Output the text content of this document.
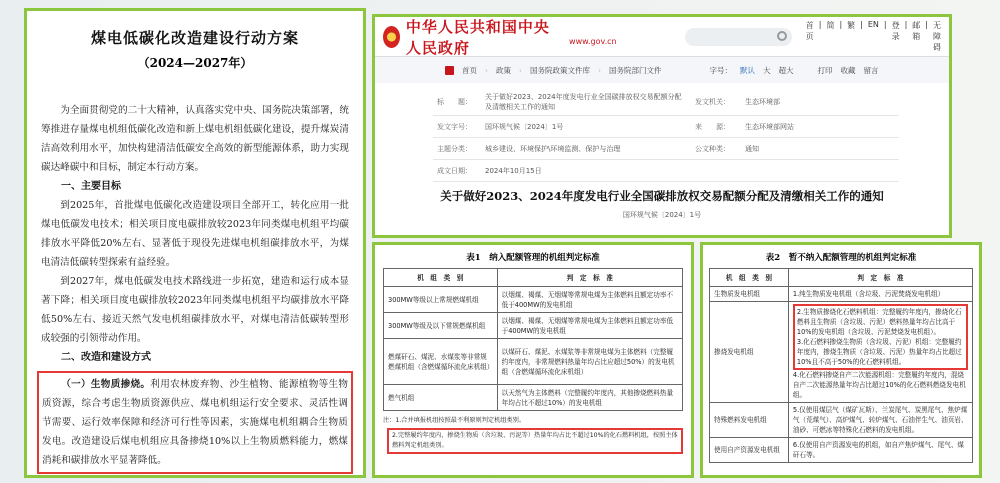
煤电低碳化改造建设行动方案
（2024—2027年）

为全面贯彻党的二十大精神，认真落实党中央、国务院决策部署，统筹推进存量煤电机组低碳化改造和新上煤电机组低碳化建设，提升煤炭清洁高效利用水平，加快构建清洁低碳安全高效的新型能源体系，助力实现碳达峰碳中和目标，制定本行动方案。

一、主要目标

到2025年，首批煤电低碳化改造建设项目全部开工，转化应用一批煤电低碳发电技术；相关项目度电碳排放较2023年同类煤电机组平均碳排放水平降低20%左右、显著低于现役先进煤电机组碳排放水平，为煤电清洁低碳转型探索有益经验。

到2027年，煤电低碳发电技术路线进一步拓宽，建造和运行成本显著下降；相关项目度电碳排放较2023年同类煤电机组平均碳排放水平降低50%左右、接近天然气发电机组碳排放水平，对煤电清洁低碳转型形成较强的引领带动作用。

二、改造和建设方式

（一）生物质掺烧。利用农林废弃物、沙生植物、能源植物等生物质资源，综合考虑生物质资源供应、煤电机组运行安全要求、灵活性调节需要、运行效率保障和经济可行性等因素，实施煤电机组耦合生物质发电。改造建设后煤电机组应具备掺烧10%以上生物质燃料能力，燃煤消耗和碳排放水平显著降低。

中华人民共和国中央人民政府	www.gov.cn
首页
| 简 | 繁 | EN | 登录
| 邮箱
| 无障碍
首页 › 政策 › 国务院政策文件库 › 国务院部门文件	字号： 默认 大 超大	打印 收藏 留言
标　　题：	关于做好2023、2024年度发电行业全国碳排放权交易配额分配及清缴相关工作的通知	发文机关：	生态环境部
发文字号：	国环规气候〔2024〕1号	来　　源：	生态环境部网站
主题分类：	城乡建设、环境保护\环境监测、保护与治理	公文种类：	通知
成文日期：	2024年10月15日		
关于做好2023、2024年度发电行业全国碳排放权交易配额分配及清缴相关工作的通知
国环规气候〔2024〕1号
表1　纳入配额管理的机组判定标准
机　组　类　别	判　定　标　准
300MW等级以上常规燃煤机组	以烟煤、褐煤、无烟煤等常规电煤为主体燃料且额定功率不低于400MW的发电机组
300MW等级及以下常规燃煤机组	以烟煤、褐煤、无烟煤等常规电煤为主体燃料且额定功率低于400MW的发电机组
燃煤矸石、煤泥、水煤浆等非常规燃煤机组（含燃煤循环流化床机组）	以煤矸石、煤泥、水煤浆等非常规电煤为主体燃料（完整履约年度内，非常规燃料热量年均占比应超过50%）的发电机组（含燃煤循环流化床机组）
燃气机组	以天然气为主体燃料（完整履约年度内，其他掺烧燃料热量年均占比不超过10%）的发电机组
注：1.合并填报机组按照最不利原则判定机组类别。
2.完整履约年度内，掺烧生物质（含垃圾、污泥等）热量年均占比不超过10%的化石燃料机组，按照主体燃料判定机组类别。
表2　暂不纳入配额管理的机组判定标准
机　组　类　别	判　定　标　准
生物质发电机组	1.纯生物质发电机组（含垃圾、污泥焚烧发电机组）
掺烧发电机组	2.生物质掺烧化石燃料机组：完整履约年度内，掺烧化石燃料且生物质（含垃圾、污泥）燃料热量年均占比高于10%的发电机组（含垃圾、污泥焚烧发电机组）。
3.化石燃料掺烧生物质（含垃圾、污泥）机组：完整履约年度内，掺烧生物质（含垃圾、污泥）热量年均占比超过10%且不高于50%的化石燃料机组。
4.化石燃料掺烧自产二次能源机组：完整履约年度内，混烧自产二次能源热量年均占比超过10%的化石燃料燃烧发电机组。
特殊燃料发电机组	5.仅使用煤层气（煤矿瓦斯）、兰炭尾气、炭黑尾气、焦炉煤气（荒煤气）、高炉煤气、转炉煤气、石油伴生气、油页岩、油砂、可燃冰等特殊化石燃料的发电机组。
使用自产资源发电机组	6.仅使用自产资源发电的机组，如自产焦炉煤气、尾气、煤矸石等。
